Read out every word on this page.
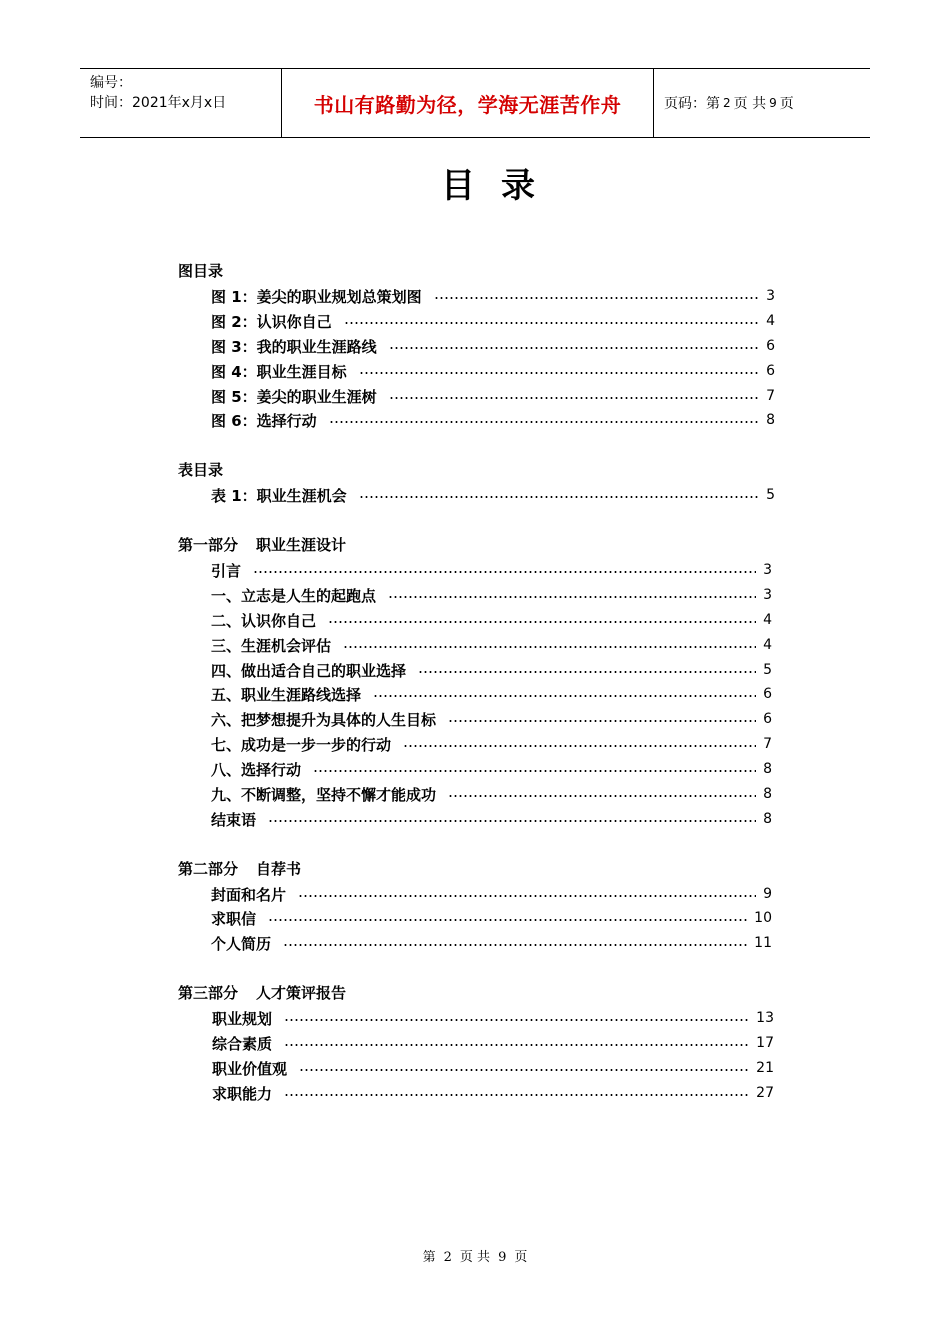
编号：
时间：2021年x月x日	书山有路勤为径，学海无涯苦作舟	页码：第 2 页 共 9 页
目录
图目录
图 1：姜尖的职业规划总策划图	3
图 2：认识你自己	4
图 3：我的职业生涯路线	6
图 4：职业生涯目标	6
图 5：姜尖的职业生涯树	7
图 6：选择行动	8
表目录
表 1：职业生涯机会	5
第一部分 职业生涯设计
引言	3
一、立志是人生的起跑点	3
二、认识你自己	4
三、生涯机会评估	4
四、做出适合自己的职业选择	5
五、职业生涯路线选择	6
六、把梦想提升为具体的人生目标	6
七、成功是一步一步的行动	7
八、选择行动	8
九、不断调整，坚持不懈才能成功	8
结束语	8
第二部分 自荐书
封面和名片	9
求职信	10
个人简历	11
第三部分 人才策评报告
职业规划	13
综合素质	17
职业价值观	21
求职能力	27
第 2 页 共 9 页
